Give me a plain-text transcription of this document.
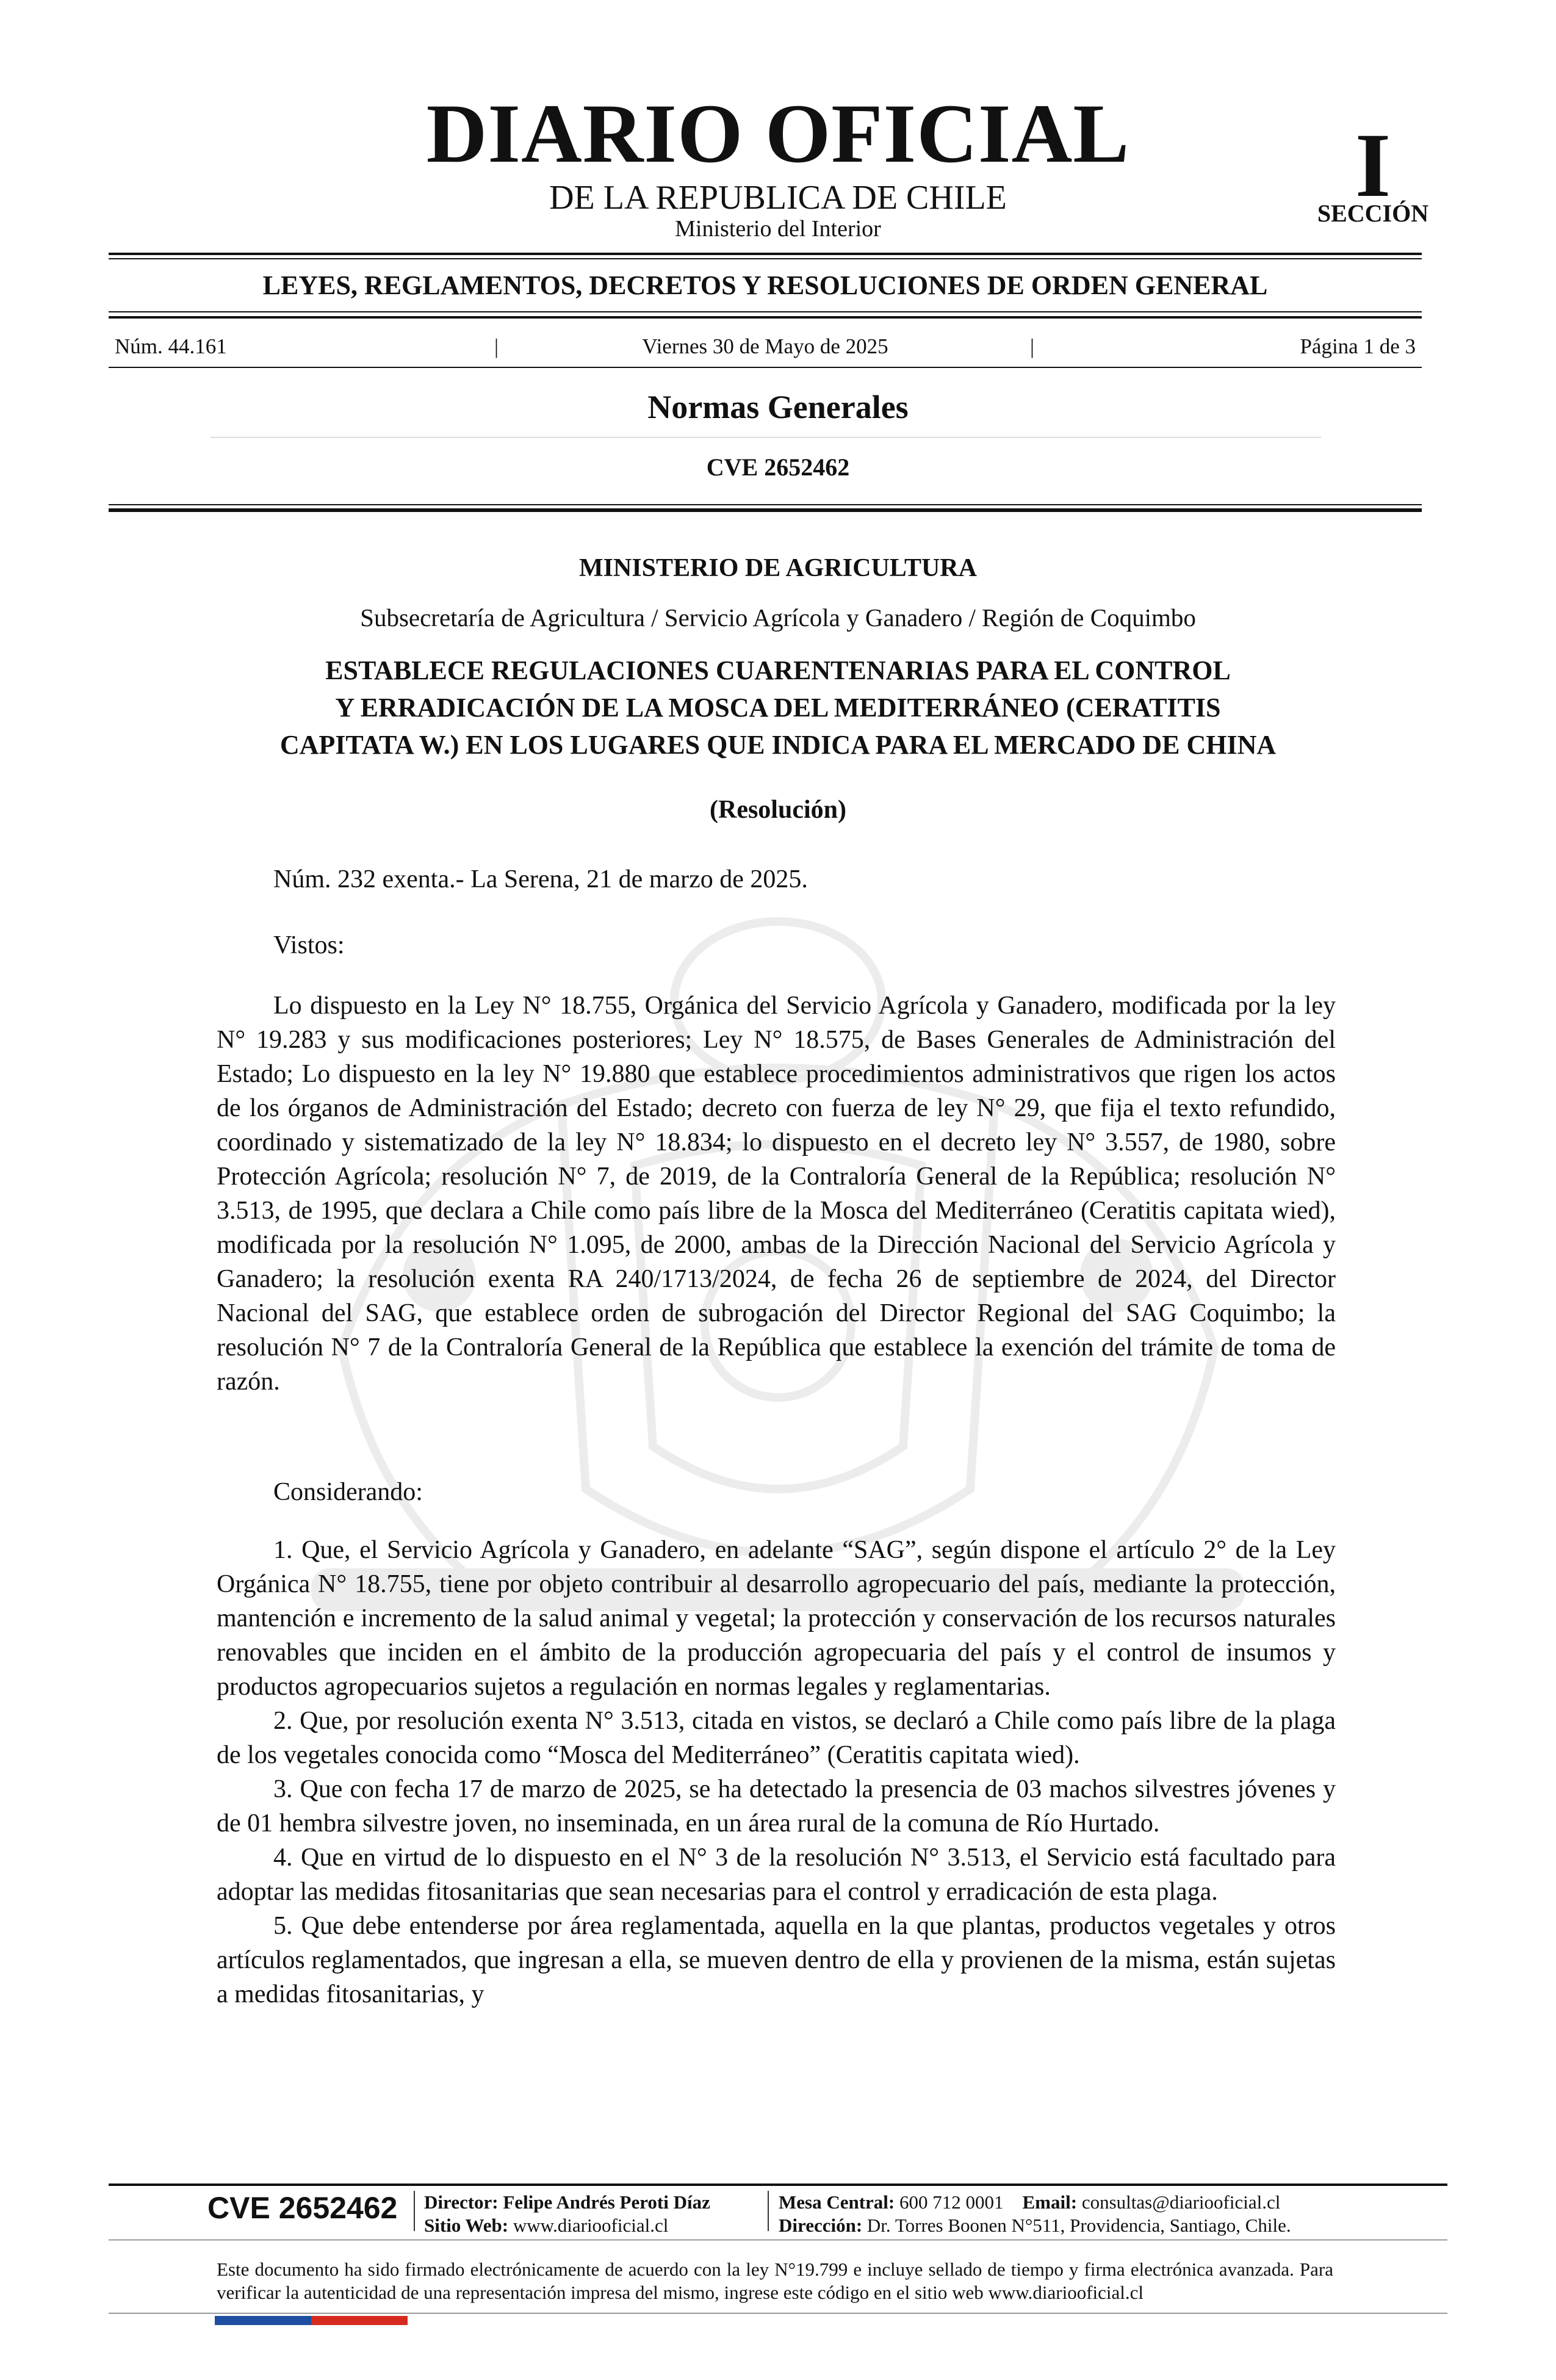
DIARIO OFICIAL
DE LA REPUBLICA DE CHILE
Ministerio del Interior
I
SECCIÓN
LEYES, REGLAMENTOS, DECRETOS Y RESOLUCIONES DE ORDEN GENERAL
Núm. 44.161	|	Viernes 30 de Mayo de 2025	|	Página 1 de 3
Normas Generales
CVE 2652462
MINISTERIO DE AGRICULTURA
Subsecretaría de Agricultura / Servicio Agrícola y Ganadero / Región de Coquimbo
ESTABLECE REGULACIONES CUARENTENARIAS PARA EL CONTROL
Y ERRADICACIÓN DE LA MOSCA DEL MEDITERRÁNEO (CERATITIS
CAPITATA W.) EN LOS LUGARES QUE INDICA PARA EL MERCADO DE CHINA
(Resolución)
Núm. 232 exenta.- La Serena, 21 de marzo de 2025.
Vistos:

Lo dispuesto en la Ley N° 18.755, Orgánica del Servicio Agrícola y Ganadero, modificada por la ley N° 19.283 y sus modificaciones posteriores; Ley N° 18.575, de Bases Generales de Administración del Estado; Lo dispuesto en la ley N° 19.880 que establece procedimientos administrativos que rigen los actos de los órganos de Administración del Estado; decreto con fuerza de ley N° 29, que fija el texto refundido, coordinado y sistematizado de la ley N° 18.834; lo dispuesto en el decreto ley N° 3.557, de 1980, sobre Protección Agrícola; resolución N° 7, de 2019, de la Contraloría General de la República; resolución N° 3.513, de 1995, que declara a Chile como país libre de la Mosca del Mediterráneo (Ceratitis capitata wied), modificada por la resolución N° 1.095, de 2000, ambas de la Dirección Nacional del Servicio Agrícola y Ganadero; la resolución exenta RA 240/1713/2024, de fecha 26 de septiembre de 2024, del Director Nacional del SAG, que establece orden de subrogación del Director Regional del SAG Coquimbo; la resolución N° 7 de la Contraloría General de la República que establece la exención del trámite de toma de razón.

Considerando:

1. Que, el Servicio Agrícola y Ganadero, en adelante “SAG”, según dispone el artículo 2° de la Ley Orgánica N° 18.755, tiene por objeto contribuir al desarrollo agropecuario del país, mediante la protección, mantención e incremento de la salud animal y vegetal; la protección y conservación de los recursos naturales renovables que inciden en el ámbito de la producción agropecuaria del país y el control de insumos y productos agropecuarios sujetos a regulación en normas legales y reglamentarias.

2. Que, por resolución exenta N° 3.513, citada en vistos, se declaró a Chile como país libre de la plaga de los vegetales conocida como “Mosca del Mediterráneo” (Ceratitis capitata wied).

3. Que con fecha 17 de marzo de 2025, se ha detectado la presencia de 03 machos silvestres jóvenes y de 01 hembra silvestre joven, no inseminada, en un área rural de la comuna de Río Hurtado.

4. Que en virtud de lo dispuesto en el N° 3 de la resolución N° 3.513, el Servicio está facultado para adoptar las medidas fitosanitarias que sean necesarias para el control y erradicación de esta plaga.

5. Que debe entenderse por área reglamentada, aquella en la que plantas, productos vegetales y otros artículos reglamentados, que ingresan a ella, se mueven dentro de ella y provienen de la misma, están sujetas a medidas fitosanitarias, y

CVE 2652462 Director: Felipe Andrés Peroti Díaz
Sitio Web: www.diariooficial.cl
Mesa Central: 600 712 0001 Email: consultas@diariooficial.cl
Dirección: Dr. Torres Boonen N°511, Providencia, Santiago, Chile.
Este documento ha sido firmado electrónicamente de acuerdo con la ley N°19.799 e incluye sellado de tiempo y firma electrónica avanzada. Para verificar la autenticidad de una representación impresa del mismo, ingrese este código en el sitio web www.diariooficial.cl
